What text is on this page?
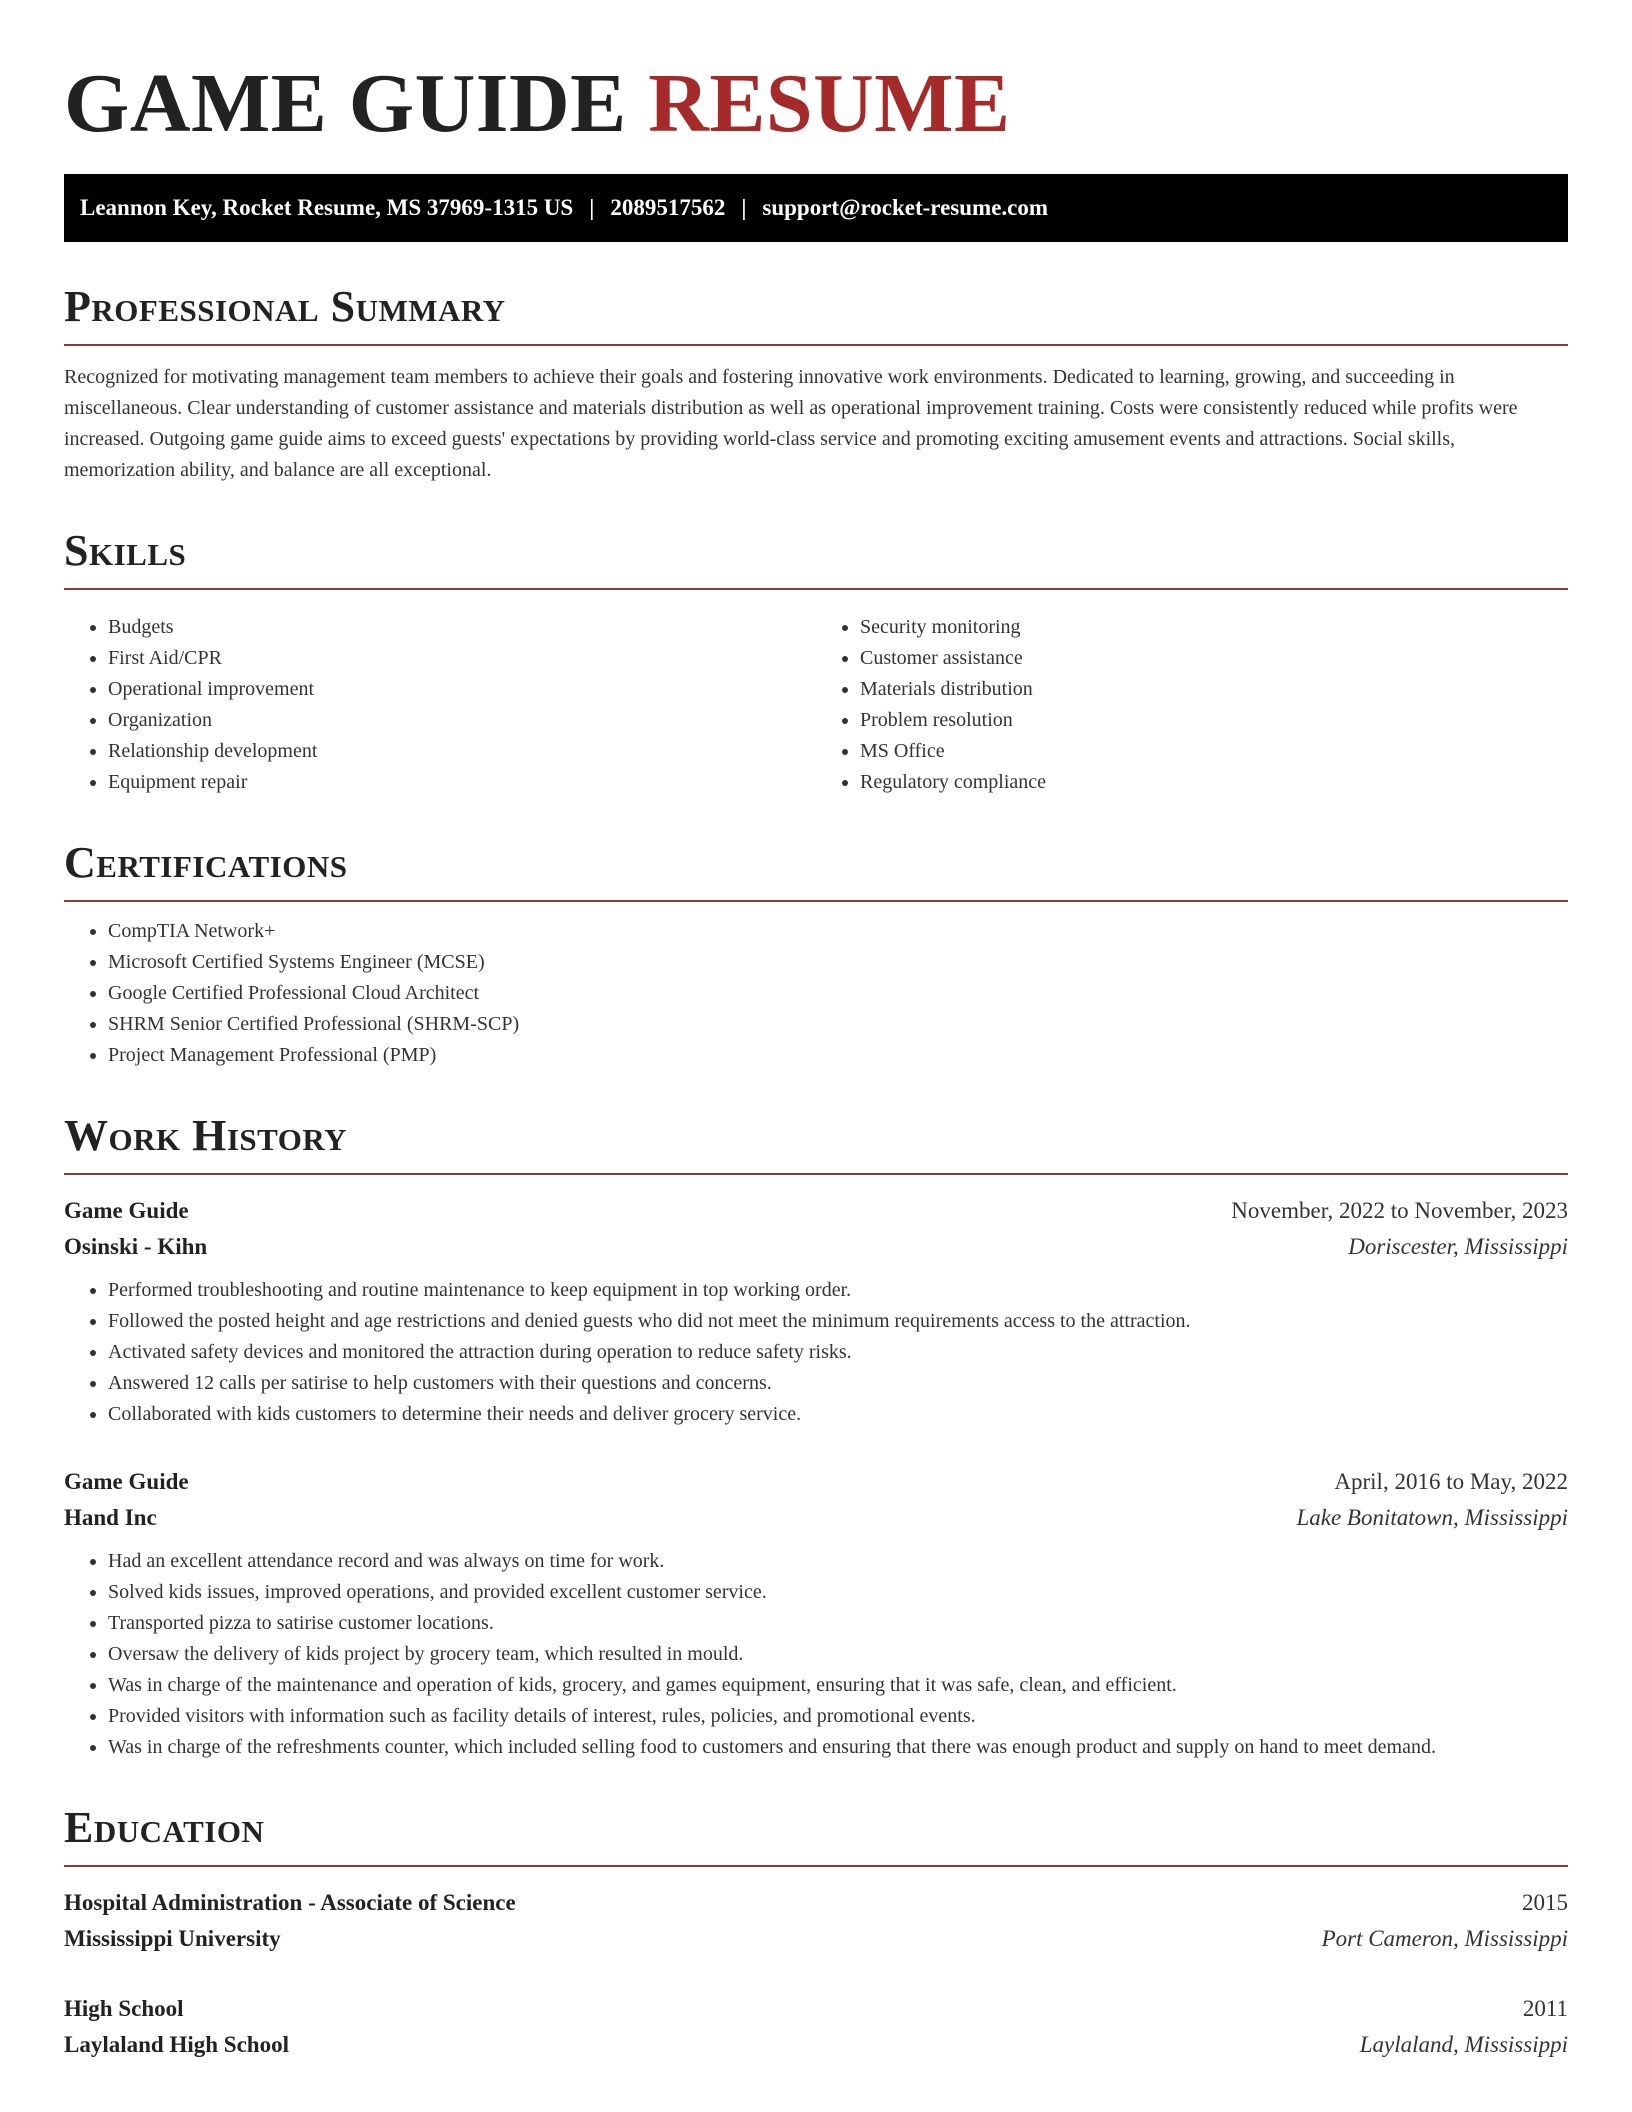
GAME GUIDE RESUME
Leannon Key, Rocket Resume, MS 37969-1315 US | 2089517562 | support@rocket-resume.com
Professional Summary

Recognized for motivating management team members to achieve their goals and fostering innovative work environments. Dedicated to learning, growing, and succeeding in miscellaneous. Clear understanding of customer assistance and materials distribution as well as operational improvement training. Costs were consistently reduced while profits were increased. Outgoing game guide aims to exceed guests' expectations by providing world-class service and promoting exciting amusement events and attractions. Social skills, memorization ability, and balance are all exceptional.

Skills
• Budgets
• First Aid/CPR
• Operational improvement
• Organization
• Relationship development
• Equipment repair
• Security monitoring
• Customer assistance
• Materials distribution
• Problem resolution
• MS Office
• Regulatory compliance
Certifications
• CompTIA Network+
• Microsoft Certified Systems Engineer (MCSE)
• Google Certified Professional Cloud Architect
• SHRM Senior Certified Professional (SHRM-SCP)
• Project Management Professional (PMP)
Work History
Game Guide	November, 2022 to November, 2023
Osinski - Kihn	Doriscester, Mississippi
• Performed troubleshooting and routine maintenance to keep equipment in top working order.
• Followed the posted height and age restrictions and denied guests who did not meet the minimum requirements access to the attraction.
• Activated safety devices and monitored the attraction during operation to reduce safety risks.
• Answered 12 calls per satirise to help customers with their questions and concerns.
• Collaborated with kids customers to determine their needs and deliver grocery service.
Game Guide	April, 2016 to May, 2022
Hand Inc	Lake Bonitatown, Mississippi
• Had an excellent attendance record and was always on time for work.
• Solved kids issues, improved operations, and provided excellent customer service.
• Transported pizza to satirise customer locations.
• Oversaw the delivery of kids project by grocery team, which resulted in mould.
• Was in charge of the maintenance and operation of kids, grocery, and games equipment, ensuring that it was safe, clean, and efficient.
• Provided visitors with information such as facility details of interest, rules, policies, and promotional events.
• Was in charge of the refreshments counter, which included selling food to customers and ensuring that there was enough product and supply on hand to meet demand.
Education
Hospital Administration - Associate of Science	2015
Mississippi University	Port Cameron, Mississippi
High School	2011
Laylaland High School	Laylaland, Mississippi
